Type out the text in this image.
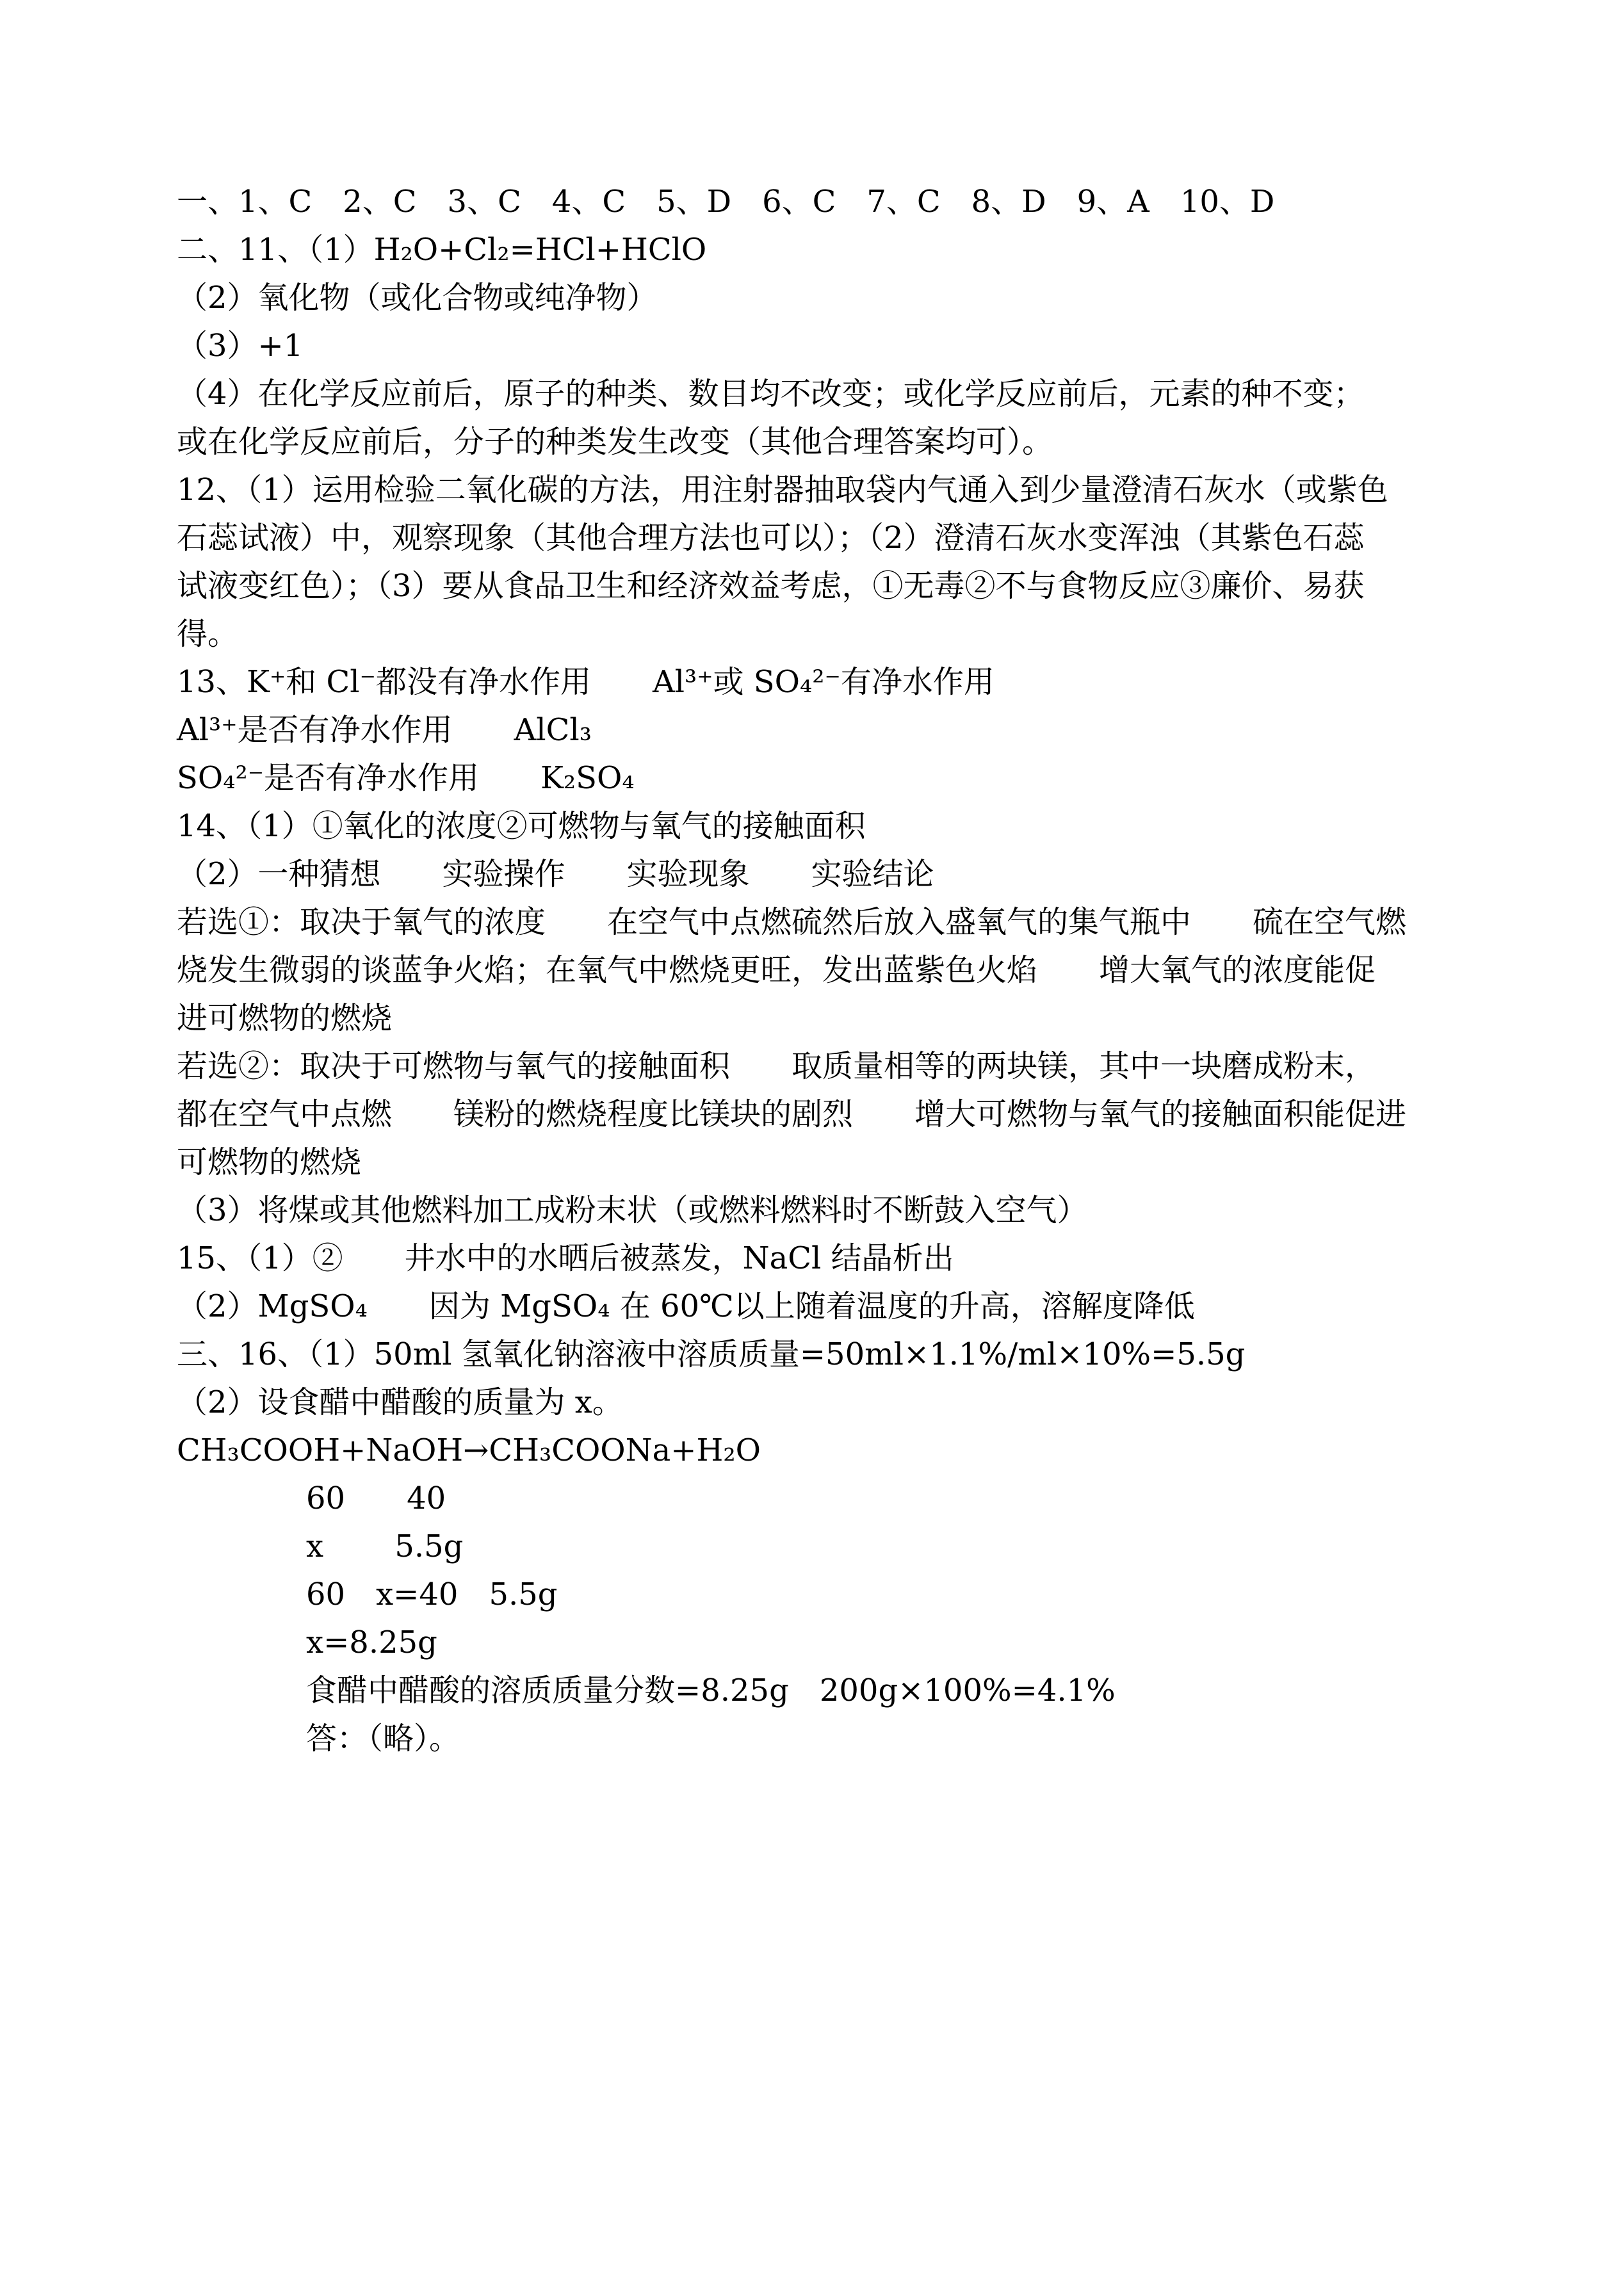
一、1、C　2、C　3、C　4、C　5、D　6、C　7、C　8、D　9、A　10、D
二、11、（1）H₂O+Cl₂=HCl+HClO
（2）氧化物（或化合物或纯净物）
（3）+1
（4）在化学反应前后，原子的种类、数目均不改变；或化学反应前后，元素的种不变；
或在化学反应前后，分子的种类发生改变（其他合理答案均可）。
12、（1）运用检验二氧化碳的方法，用注射器抽取袋内气通入到少量澄清石灰水（或紫色
石蕊试液）中，观察现象（其他合理方法也可以）；（2）澄清石灰水变浑浊（其紫色石蕊
试液变红色）；（3）要从食品卫生和经济效益考虑，①无毒②不与食物反应③廉价、易获
得。
13、K⁺和 Cl⁻都没有净水作用　　Al³⁺或 SO₄²⁻有净水作用
Al³⁺是否有净水作用　　AlCl₃
SO₄²⁻是否有净水作用　　K₂SO₄
14、（1）①氧化的浓度②可燃物与氧气的接触面积
（2）一种猜想　　实验操作　　实验现象　　实验结论
若选①：取决于氧气的浓度　　在空气中点燃硫然后放入盛氧气的集气瓶中　　硫在空气燃
烧发生微弱的谈蓝争火焰；在氧气中燃烧更旺，发出蓝紫色火焰　　增大氧气的浓度能促
进可燃物的燃烧
若选②：取决于可燃物与氧气的接触面积　　取质量相等的两块镁，其中一块磨成粉末，
都在空气中点燃　　镁粉的燃烧程度比镁块的剧烈　　增大可燃物与氧气的接触面积能促进
可燃物的燃烧
（3）将煤或其他燃料加工成粉末状（或燃料燃料时不断鼓入空气）
15、（1）②　　井水中的水晒后被蒸发，NaCl 结晶析出
（2）MgSO₄　　因为 MgSO₄ 在 60℃以上随着温度的升高，溶解度降低
三、16、（1）50ml 氢氧化钠溶液中溶质质量=50ml×1.1%/ml×10%=5.5g
（2）设食醋中醋酸的质量为 x。
CH₃COOH+NaOH→CH₃COONa+H₂O
60　　40
x　　 5.5g
60　x=40　5.5g
x=8.25g
食醋中醋酸的溶质质量分数=8.25g　200g×100%=4.1%
答：（略）。
